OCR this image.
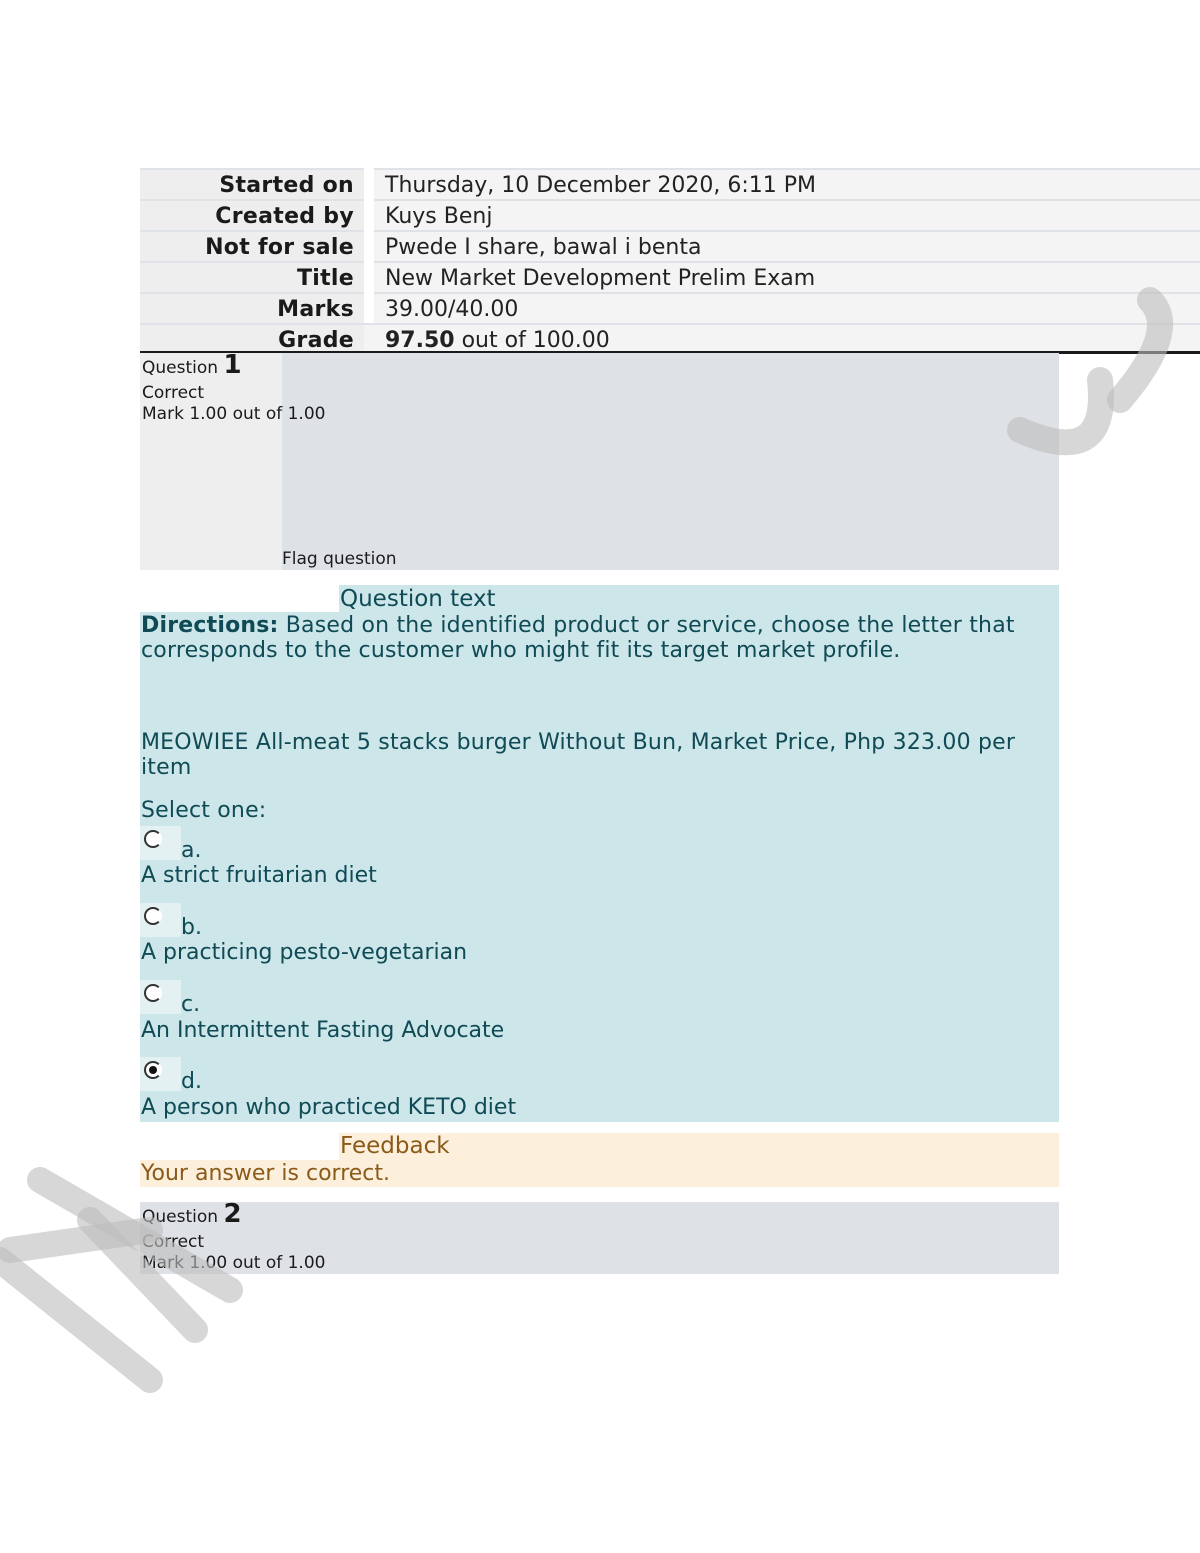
Started on	Thursday, 10 December 2020, 6:11 PM
Created by	Kuys Benj
Not for sale	Pwede I share, bawal i benta
Title	New Market Development Prelim Exam
Marks	39.00/40.00
Grade	97.50 out of 100.00
Question 1
Correct
Mark 1.00 out of 1.00
Flag question
Question text
Directions: Based on the identified product or service, choose the letter that corresponds to the customer who might fit its target market profile.
MEOWIEE All-meat 5 stacks burger Without Bun, Market Price, Php 323.00 per item
Select one:
a.
A strict fruitarian diet
b.
A practicing pesto-vegetarian
c.
An Intermittent Fasting Advocate
d.
A person who practiced KETO diet
Feedback
Your answer is correct.
Question 2
Correct
Mark 1.00 out of 1.00
